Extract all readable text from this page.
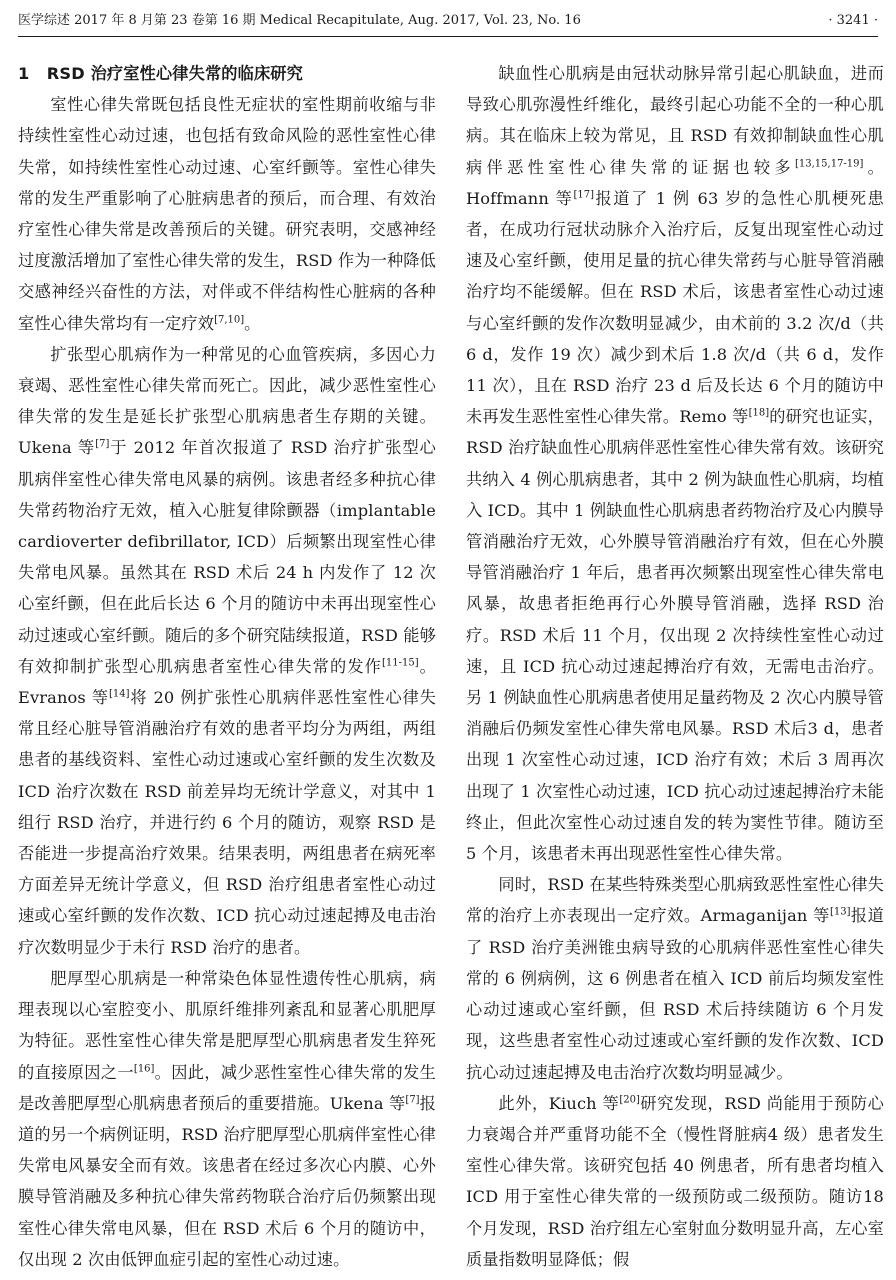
医学综述 2017 年 8 月第 23 卷第 16 期 Medical Recapitulate, Aug. 2017, Vol. 23, No. 16	· 3241 ·
1 RSD 治疗室性心律失常的临床研究

室性心律失常既包括良性无症状的室性期前收缩与非持续性室性心动过速，也包括有致命风险的恶性室性心律失常，如持续性室性心动过速、心室纤颤等。室性心律失常的发生严重影响了心脏病患者的预后，而合理、有效治疗室性心律失常是改善预后的关键。研究表明，交感神经过度激活增加了室性心律失常的发生，RSD 作为一种降低交感神经兴奋性的方法，对伴或不伴结构性心脏病的各种室性心律失常均有一定疗效[7,10]。

扩张型心肌病作为一种常见的心血管疾病，多因心力衰竭、恶性室性心律失常而死亡。因此，减少恶性室性心律失常的发生是延长扩张型心肌病患者生存期的关键。Ukena 等[7]于 2012 年首次报道了 RSD 治疗扩张型心肌病伴室性心律失常电风暴的病例。该患者经多种抗心律失常药物治疗无效，植入心脏复律除颤器（implantable cardioverter defibrillator, ICD）后频繁出现室性心律失常电风暴。虽然其在 RSD 术后 24 h 内发作了 12 次心室纤颤，但在此后长达 6 个月的随访中未再出现室性心动过速或心室纤颤。随后的多个研究陆续报道，RSD 能够有效抑制扩张型心肌病患者室性心律失常的发作[11-15]。Evranos 等[14]将 20 例扩张性心肌病伴恶性室性心律失常且经心脏导管消融治疗有效的患者平均分为两组，两组患者的基线资料、室性心动过速或心室纤颤的发生次数及 ICD 治疗次数在 RSD 前差异均无统计学意义，对其中 1 组行 RSD 治疗，并进行约 6 个月的随访，观察 RSD 是否能进一步提高治疗效果。结果表明，两组患者在病死率方面差异无统计学意义，但 RSD 治疗组患者室性心动过速或心室纤颤的发作次数、ICD 抗心动过速起搏及电击治疗次数明显少于未行 RSD 治疗的患者。

肥厚型心肌病是一种常染色体显性遗传性心肌病，病理表现以心室腔变小、肌原纤维排列紊乱和显著心肌肥厚为特征。恶性室性心律失常是肥厚型心肌病患者发生猝死的直接原因之一[16]。因此，减少恶性室性心律失常的发生是改善肥厚型心肌病患者预后的重要措施。Ukena 等[7]报道的另一个病例证明，RSD 治疗肥厚型心肌病伴室性心律失常电风暴安全而有效。该患者在经过多次心内膜、心外膜导管消融及多种抗心律失常药物联合治疗后仍频繁出现室性心律失常电风暴，但在 RSD 术后 6 个月的随访中，仅出现 2 次由低钾血症引起的室性心动过速。

缺血性心肌病是由冠状动脉异常引起心肌缺血，进而导致心肌弥漫性纤维化，最终引起心功能不全的一种心肌病。其在临床上较为常见，且 RSD 有效抑制缺血性心肌病伴恶性室性心律失常的证据也较多[13,15,17-19]。Hoffmann 等[17]报道了 1 例 63 岁的急性心肌梗死患者，在成功行冠状动脉介入治疗后，反复出现室性心动过速及心室纤颤，使用足量的抗心律失常药与心脏导管消融治疗均不能缓解。但在 RSD 术后，该患者室性心动过速与心室纤颤的发作次数明显减少，由术前的 3.2 次/d（共 6 d，发作 19 次）减少到术后 1.8 次/d（共 6 d，发作 11 次），且在 RSD 治疗 23 d 后及长达 6 个月的随访中未再发生恶性室性心律失常。Remo 等[18]的研究也证实，RSD 治疗缺血性心肌病伴恶性室性心律失常有效。该研究共纳入 4 例心肌病患者，其中 2 例为缺血性心肌病，均植入 ICD。其中 1 例缺血性心肌病患者药物治疗及心内膜导管消融治疗无效，心外膜导管消融治疗有效，但在心外膜导管消融治疗 1 年后，患者再次频繁出现室性心律失常电风暴，故患者拒绝再行心外膜导管消融，选择 RSD 治疗。RSD 术后 11 个月，仅出现 2 次持续性室性心动过速，且 ICD 抗心动过速起搏治疗有效，无需电击治疗。另 1 例缺血性心肌病患者使用足量药物及 2 次心内膜导管消融后仍频发室性心律失常电风暴。RSD 术后3 d，患者出现 1 次室性心动过速，ICD 治疗有效；术后 3 周再次出现了 1 次室性心动过速，ICD 抗心动过速起搏治疗未能终止，但此次室性心动过速自发的转为窦性节律。随访至 5 个月，该患者未再出现恶性室性心律失常。

同时，RSD 在某些特殊类型心肌病致恶性室性心律失常的治疗上亦表现出一定疗效。Armaganijan 等[13]报道了 RSD 治疗美洲锥虫病导致的心肌病伴恶性室性心律失常的 6 例病例，这 6 例患者在植入 ICD 前后均频发室性心动过速或心室纤颤，但 RSD 术后持续随访 6 个月发现，这些患者室性心动过速或心室纤颤的发作次数、ICD 抗心动过速起搏及电击治疗次数均明显减少。

此外，Kiuch 等[20]研究发现，RSD 尚能用于预防心力衰竭合并严重肾功能不全（慢性肾脏病4 级）患者发生室性心律失常。该研究包括 40 例患者，所有患者均植入 ICD 用于室性心律失常的一级预防或二级预防。随访18 个月发现，RSD 治疗组左心室射血分数明显升高，左心室质量指数明显降低；假
